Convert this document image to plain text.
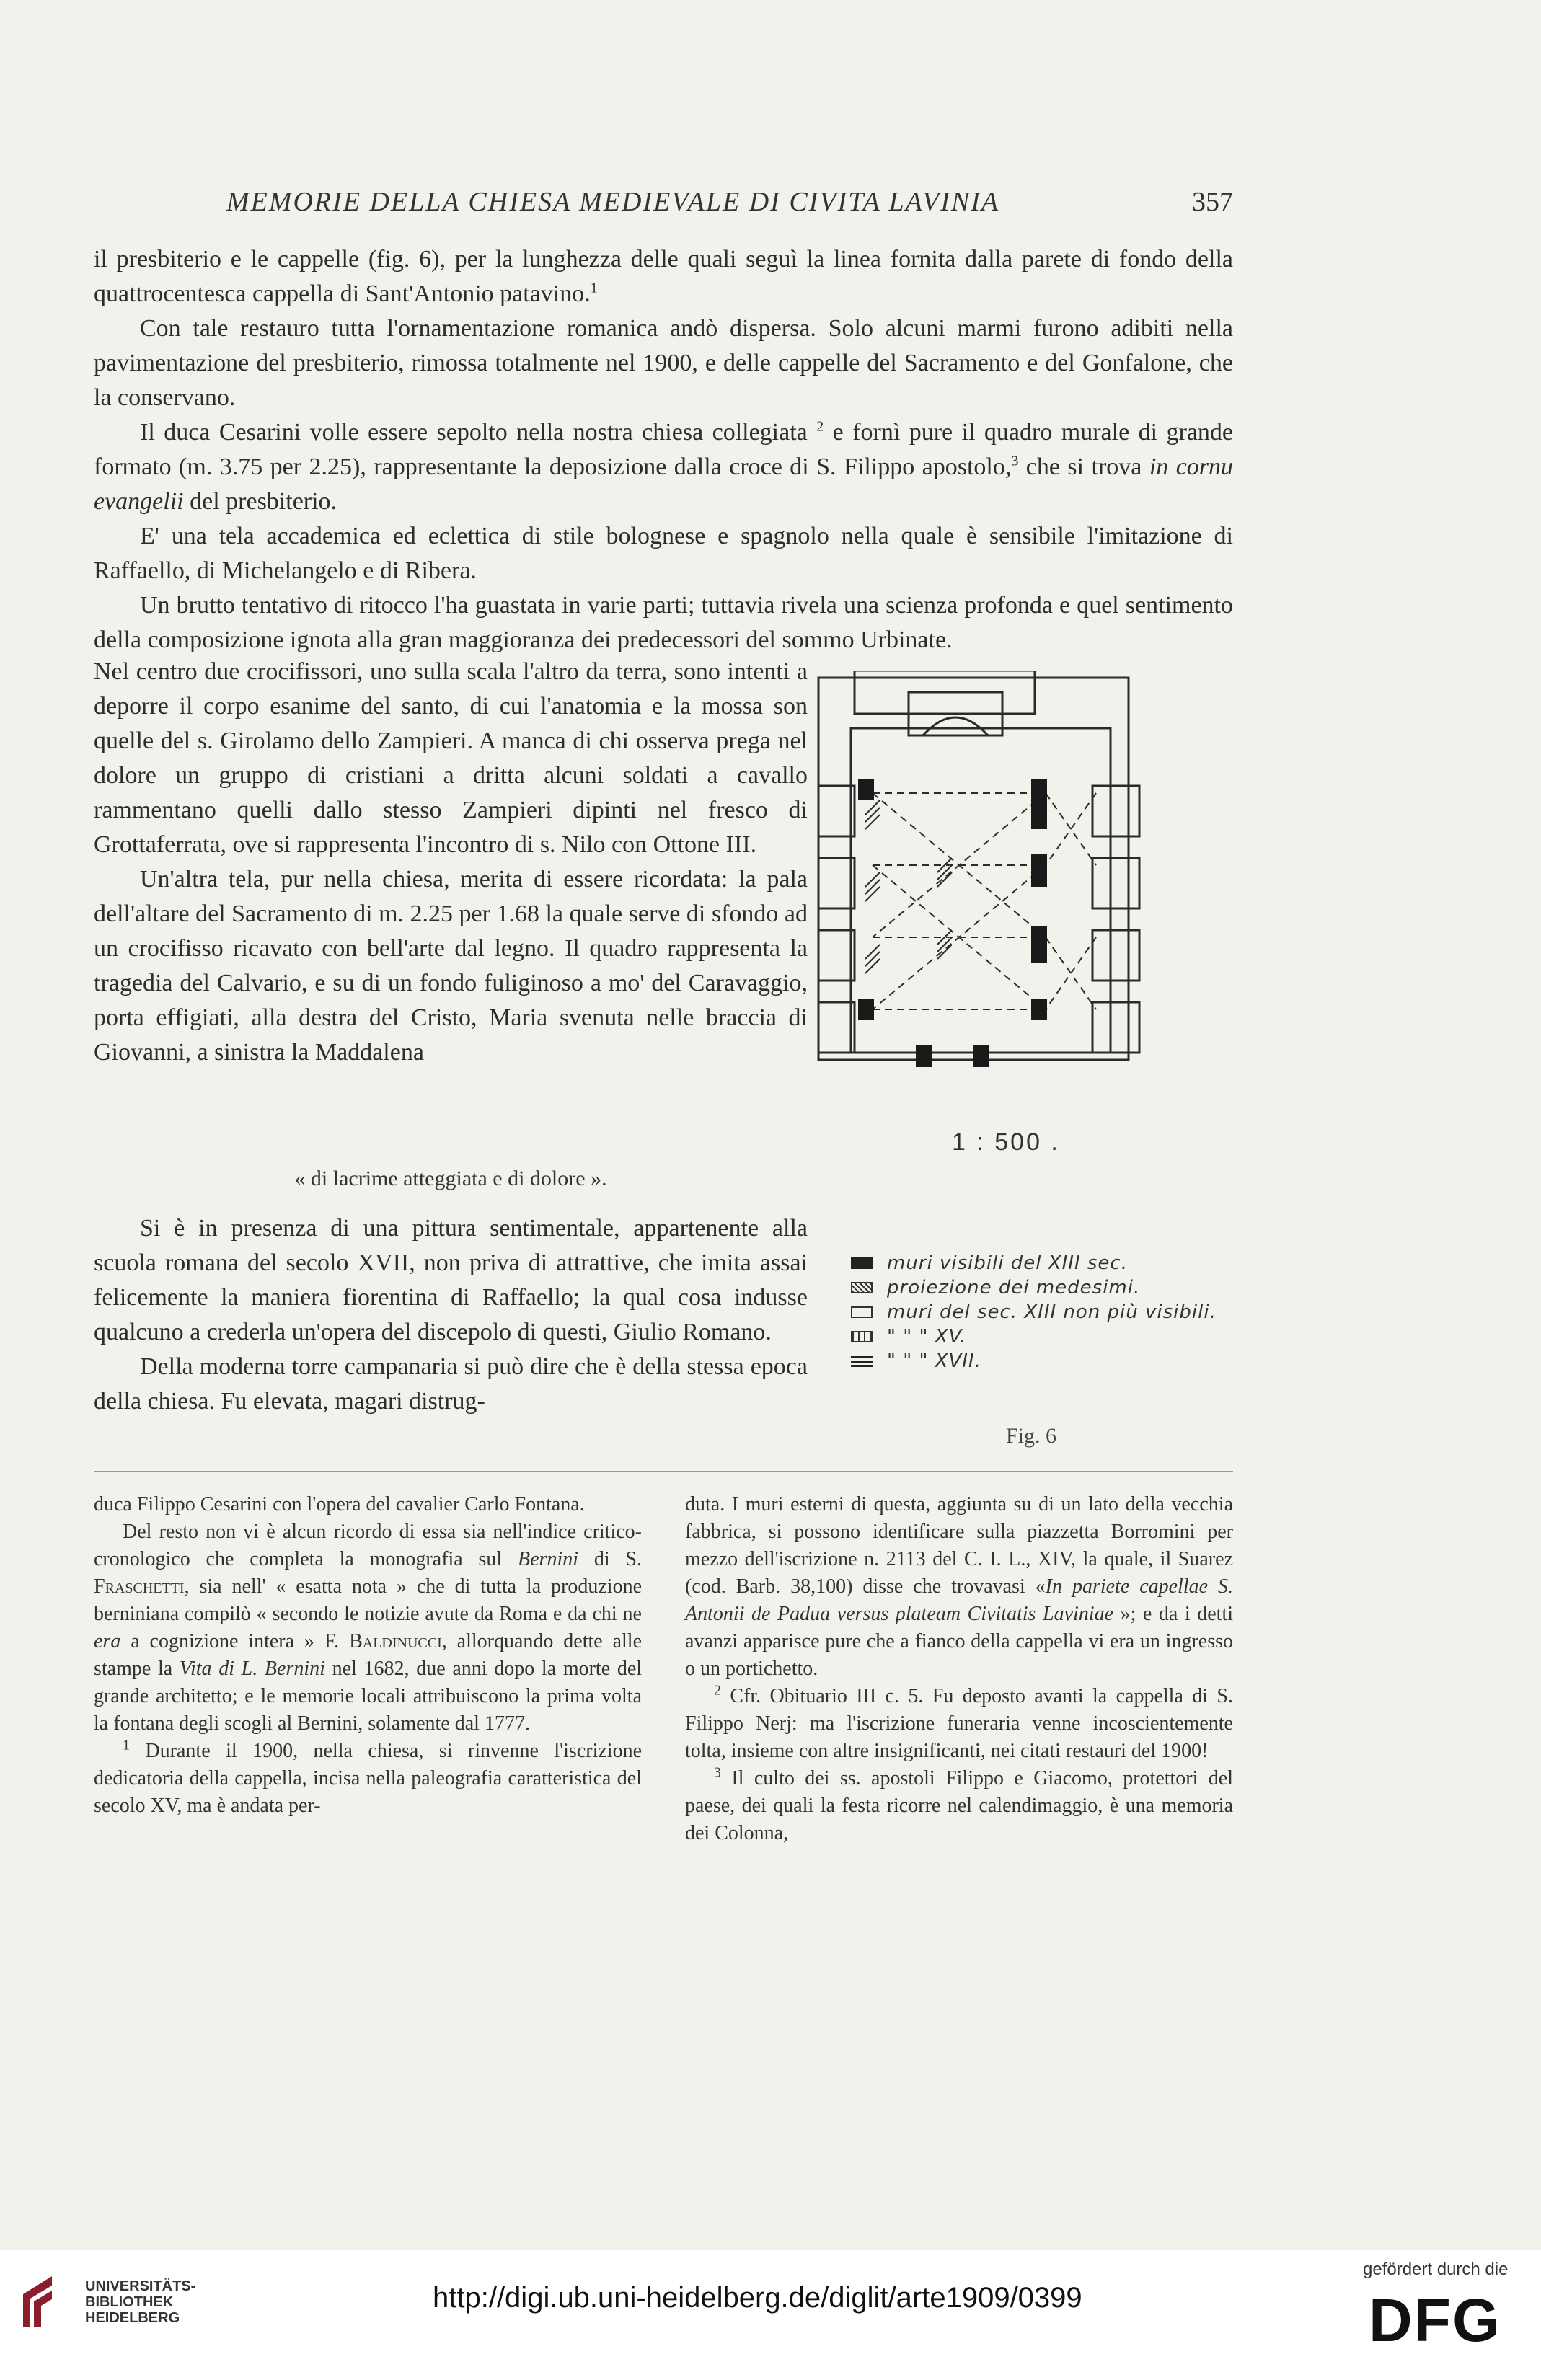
MEMORIE DELLA CHIESA MEDIEVALE DI CIVITA LAVINIA	357

il presbiterio e le cappelle (fig. 6), per la lunghezza delle quali seguì la linea fornita dalla parete di fondo della quattrocentesca cappella di Sant'Antonio patavino.$^1$

Con tale restauro tutta l'ornamentazione romanica andò dispersa. Solo alcuni marmi furono adibiti nella pavimentazione del presbiterio, rimossa totalmente nel 1900, e delle cappelle del Sacramento e del Gonfalone, che la conservano.

Il duca Cesarini volle essere sepolto nella nostra chiesa collegiata $^2$ e fornì pure il quadro murale di grande formato (m. 3.75 per 2.25), rappresentante la deposizione dalla croce di S. Filippo apostolo,$^3$ che si trova in cornu evangelii del presbiterio.

E' una tela accademica ed eclettica di stile bolognese e spagnolo nella quale è sensibile l'imitazione di Raffaello, di Michelangelo e di Ribera.

Un brutto tentativo di ritocco l'ha guastata in varie parti; tuttavia rivela una scienza profonda e quel sentimento della composizione ignota alla gran maggioranza dei predecessori del sommo Urbinate.

Nel centro due crocifissori, uno sulla scala l'altro da terra, sono intenti a deporre il corpo esanime del santo, di cui l'anatomia e la mossa son quelle del s. Girolamo dello Zampieri. A manca di chi osserva prega nel dolore un gruppo di cristiani a dritta alcuni soldati a cavallo rammentano quelli dallo stesso Zampieri dipinti nel fresco di Grottaferrata, ove si rappresenta l'incontro di s. Nilo con Ottone III.

Un'altra tela, pur nella chiesa, merita di essere ricordata: la pala dell'altare del Sacramento di m. 2.25 per 1.68 la quale serve di sfondo ad un crocifisso ricavato con bell'arte dal legno. Il quadro rappresenta la tragedia del Calvario, e su di un fondo fuliginoso a mo' del Caravaggio, porta effigiati, alla destra del Cristo, Maria svenuta nelle braccia di Giovanni, a sinistra la Maddalena

« di lacrime atteggiata e di dolore ».

Si è in presenza di una pittura sentimentale, appartenente alla scuola romana del secolo XVII, non priva di attrattive, che imita assai felicemente la maniera fiorentina di Raffaello; la qual cosa indusse qualcuno a crederla un'opera del discepolo di questi, Giulio Romano.

Della moderna torre campanaria si può dire che è della stessa epoca della chiesa. Fu elevata, magari distrug-

1 : 500 .
muri visibili del XIII sec.
proiezione dei medesimi.
muri del sec. XIII non più visibili.
" " " XV.
" " " XVII.
Fig. 6

duca Filippo Cesarini con l'opera del cavalier Carlo Fontana.

Del resto non vi è alcun ricordo di essa sia nell'indice critico-cronologico che completa la monografia sul Bernini di S. Fraschetti, sia nell' « esatta nota » che di tutta la produzione berniniana compilò « secondo le notizie avute da Roma e da chi ne era a cognizione intera » F. Baldinucci, allorquando dette alle stampe la Vita di L. Bernini nel 1682, due anni dopo la morte del grande architetto; e le memorie locali attribuiscono la prima volta la fontana degli scogli al Bernini, solamente dal 1777.

$^1$ Durante il 1900, nella chiesa, si rinvenne l'iscrizione dedicatoria della cappella, incisa nella paleografia caratteristica del secolo XV, ma è andata per-

duta. I muri esterni di questa, aggiunta su di un lato della vecchia fabbrica, si possono identificare sulla piazzetta Borromini per mezzo dell'iscrizione n. 2113 del C. I. L., XIV, la quale, il Suarez (cod. Barb. 38,100) disse che trovavasi «In pariete capellae S. Antonii de Padua versus plateam Civitatis Laviniae »; e da i detti avanzi apparisce pure che a fianco della cappella vi era un ingresso o un portichetto.

$^2$ Cfr. Obituario III c. 5. Fu deposto avanti la cappella di S. Filippo Nerj: ma l'iscrizione funeraria venne incoscientemente tolta, insieme con altre insignificanti, nei citati restauri del 1900!

$^3$ Il culto dei ss. apostoli Filippo e Giacomo, protettori del paese, dei quali la festa ricorre nel calendimaggio, è una memoria dei Colonna,

UNIVERSITÄTS-
BIBLIOTHEK
HEIDELBERG
http://digi.ub.uni-heidelberg.de/diglit/arte1909/0399
gefördert durch die
DFG
